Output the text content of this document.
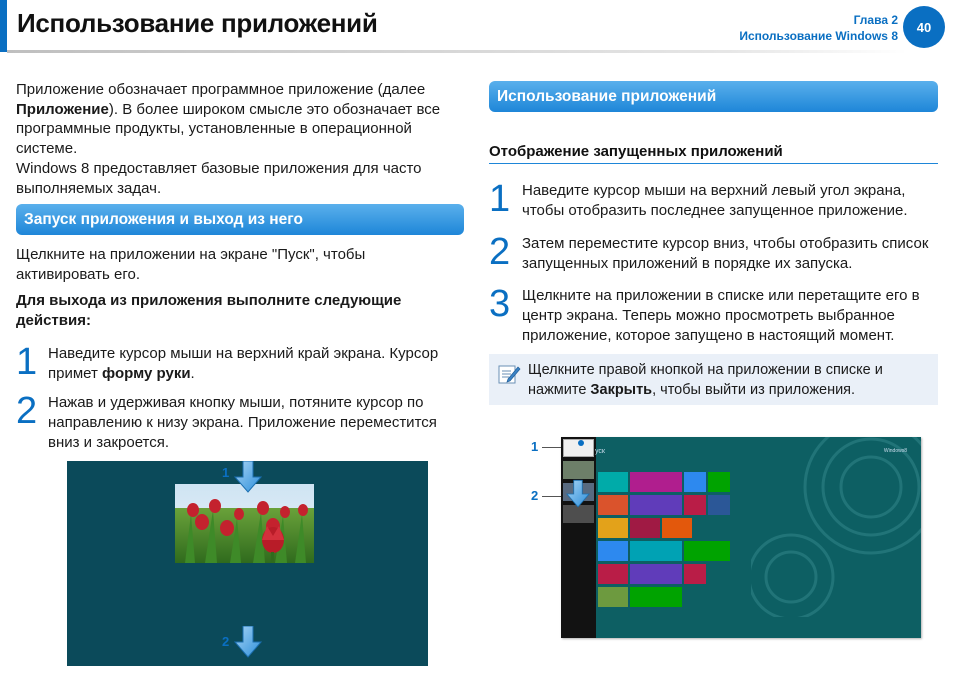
Использование приложений	Глава 2
Использование Windows 8
40

Приложение обозначает программное приложение (далее Приложение). В более широком смысле это обозначает все программные продукты, установленные в операционной системе.

Windows 8 предоставляет базовые приложения для часто выполняемых задач.

Запуск приложения и выход из него

Щелкните на приложении на экране "Пуск", чтобы активировать его.

Для выхода из приложения выполните следующие действия:

1 Наведите курсор мыши на верхний край экрана. Курсор примет форму руки.

2 Нажав и удерживая кнопку мыши, потяните курсор по направлению к низу экрана. Приложение переместится вниз и закроется.

1
2
Использование приложений
Отображение запущенных приложений
1 Наведите курсор мыши на верхний левый угол экрана, чтобы отобразить последнее запущенное приложение.

2 Затем переместите курсор вниз, чтобы отобразить список запущенных приложений в порядке их запуска.

3 Щелкните на приложении в списке или перетащите его в центр экрана. Теперь можно просмотреть выбранное приложение, которое запущено в настоящий момент.

Щелкните правой кнопкой на приложении в списке и нажмите Закрыть, чтобы выйти из приложения.

1
2
уск	Windows8
